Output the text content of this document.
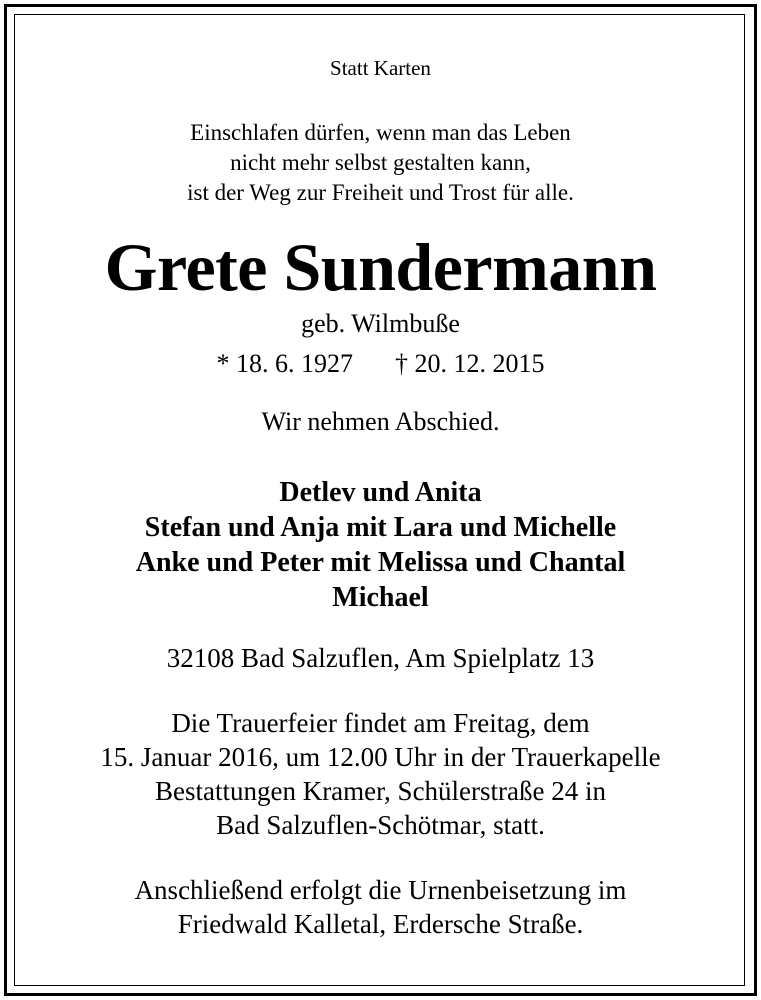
Statt Karten
Einschlafen dürfen, wenn man das Leben
nicht mehr selbst gestalten kann,
ist der Weg zur Freiheit und Trost für alle.
Grete Sundermann
geb. Wilmbuße
* 18. 6. 1927 † 20. 12. 2015
Wir nehmen Abschied.
Detlev und Anita
Stefan und Anja mit Lara und Michelle
Anke und Peter mit Melissa und Chantal
Michael
32108 Bad Salzuflen, Am Spielplatz 13
Die Trauerfeier findet am Freitag, dem
15. Januar 2016, um 12.00 Uhr in der Trauerkapelle
Bestattungen Kramer, Schülerstraße 24 in
Bad Salzuflen-Schötmar, statt.
Anschließend erfolgt die Urnenbeisetzung im
Friedwald Kalletal, Erdersche Straße.
